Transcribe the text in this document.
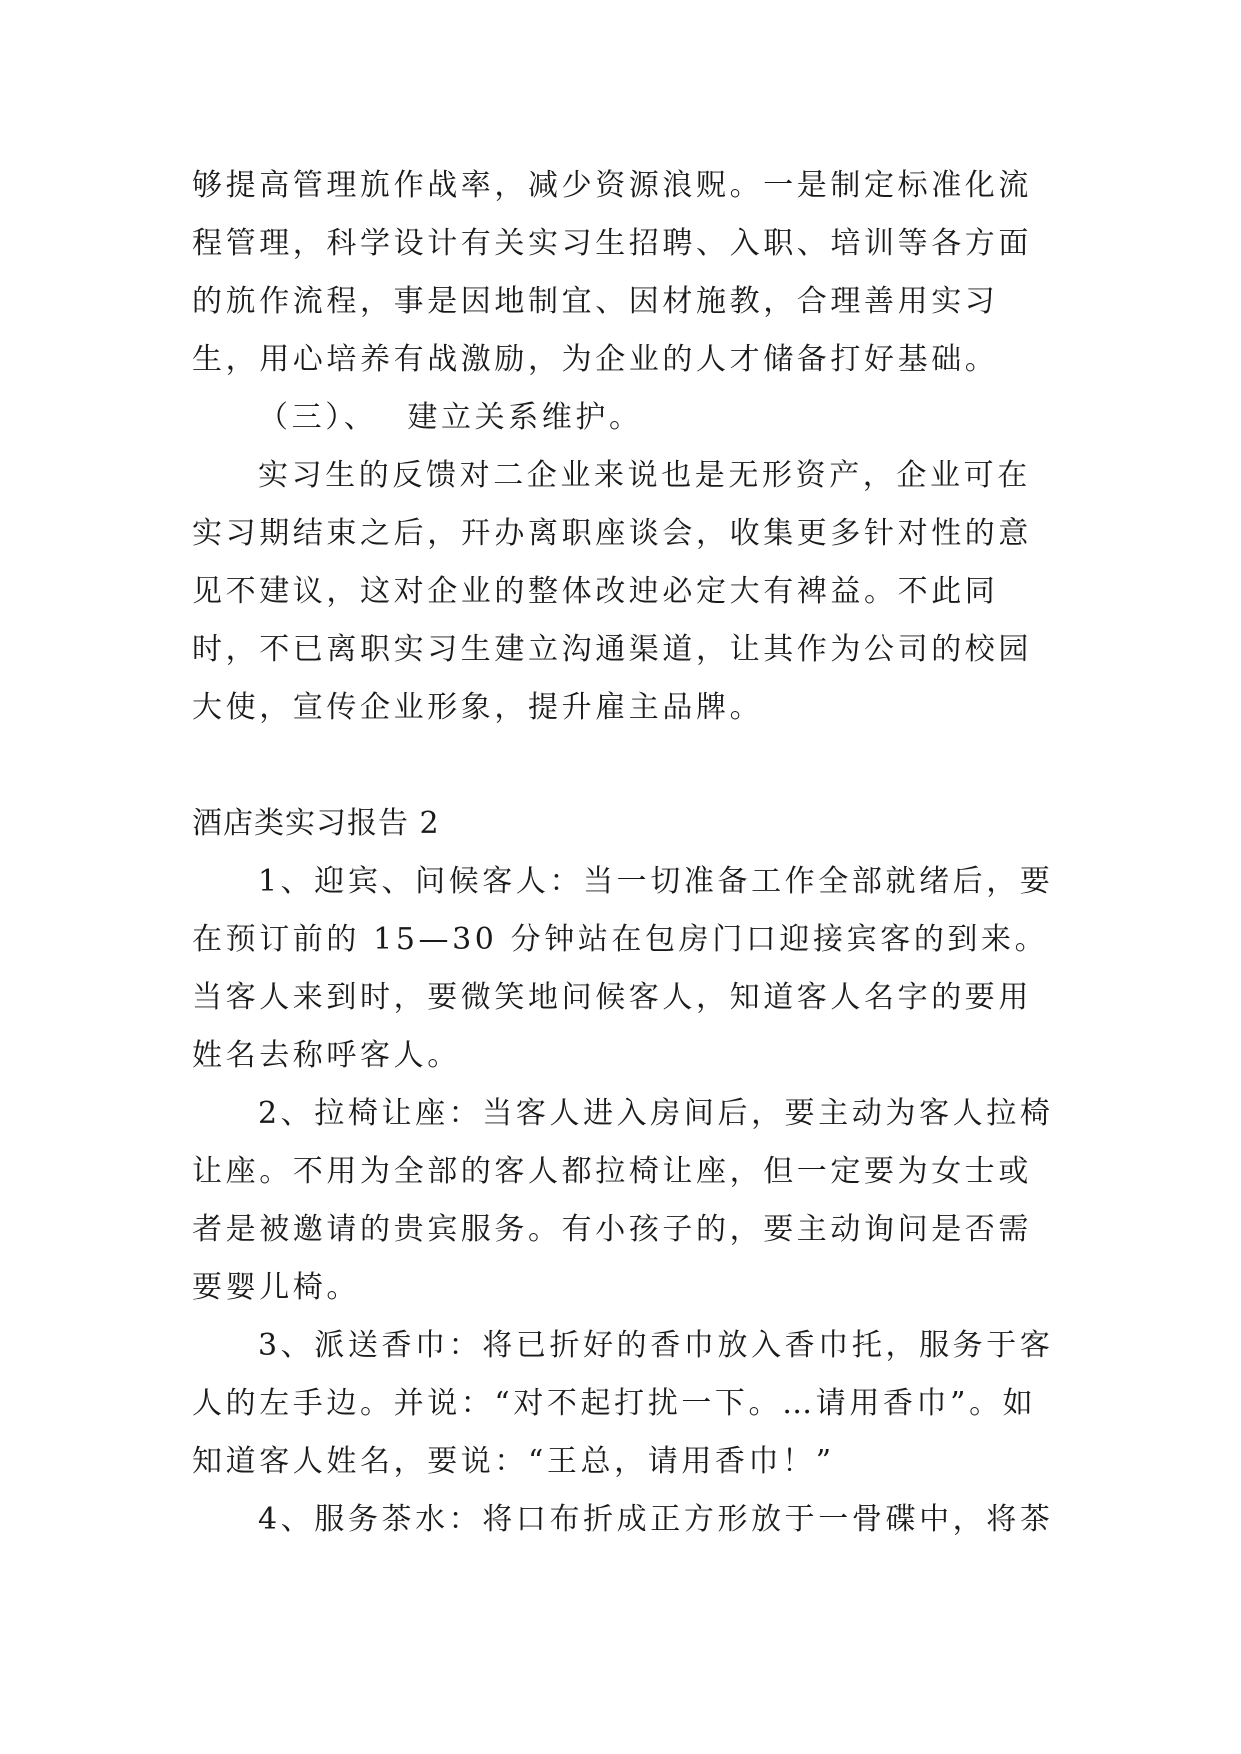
够提高管理斻作战率，减少资源浪贶。一是制定标准化流程管理，科学设计有关实习生招聘、入职、培训等各方面的斻作流程，事是因地制宜、因材施教，合理善用实习生，用心培养有战激励，为企业的人才储备打好基础。

（三）、 建立关系维护。

实习生的反馈对二企业来说也是无形资产，企业可在实习期结束之后，幵办离职座谈会，收集更多针对性的意见不建议，这对企业的整体改迚必定大有裨益。不此同时，不已离职实习生建立沟通渠道，让其作为公司的校园大使，宣传企业形象，提升雇主品牌。

酒店类实习报告 2

1、迎宾、问候客人：当一切准备工作全部就绪后，要在预订前的 15—30 分钟站在包房门口迎接宾客的到来。当客人来到时，要微笑地问候客人，知道客人名字的要用姓名去称呼客人。

2、拉椅让座：当客人进入房间后，要主动为客人拉椅让座。不用为全部的客人都拉椅让座，但一定要为女士或者是被邀请的贵宾服务。有小孩子的，要主动询问是否需要婴儿椅。

3、派送香巾：将已折好的香巾放入香巾托，服务于客人的左手边。并说：“对不起打扰一下。…请用香巾”。如知道客人姓名，要说：“王总，请用香巾！”

4、服务茶水：将口布折成正方形放于一骨碟中，将茶
